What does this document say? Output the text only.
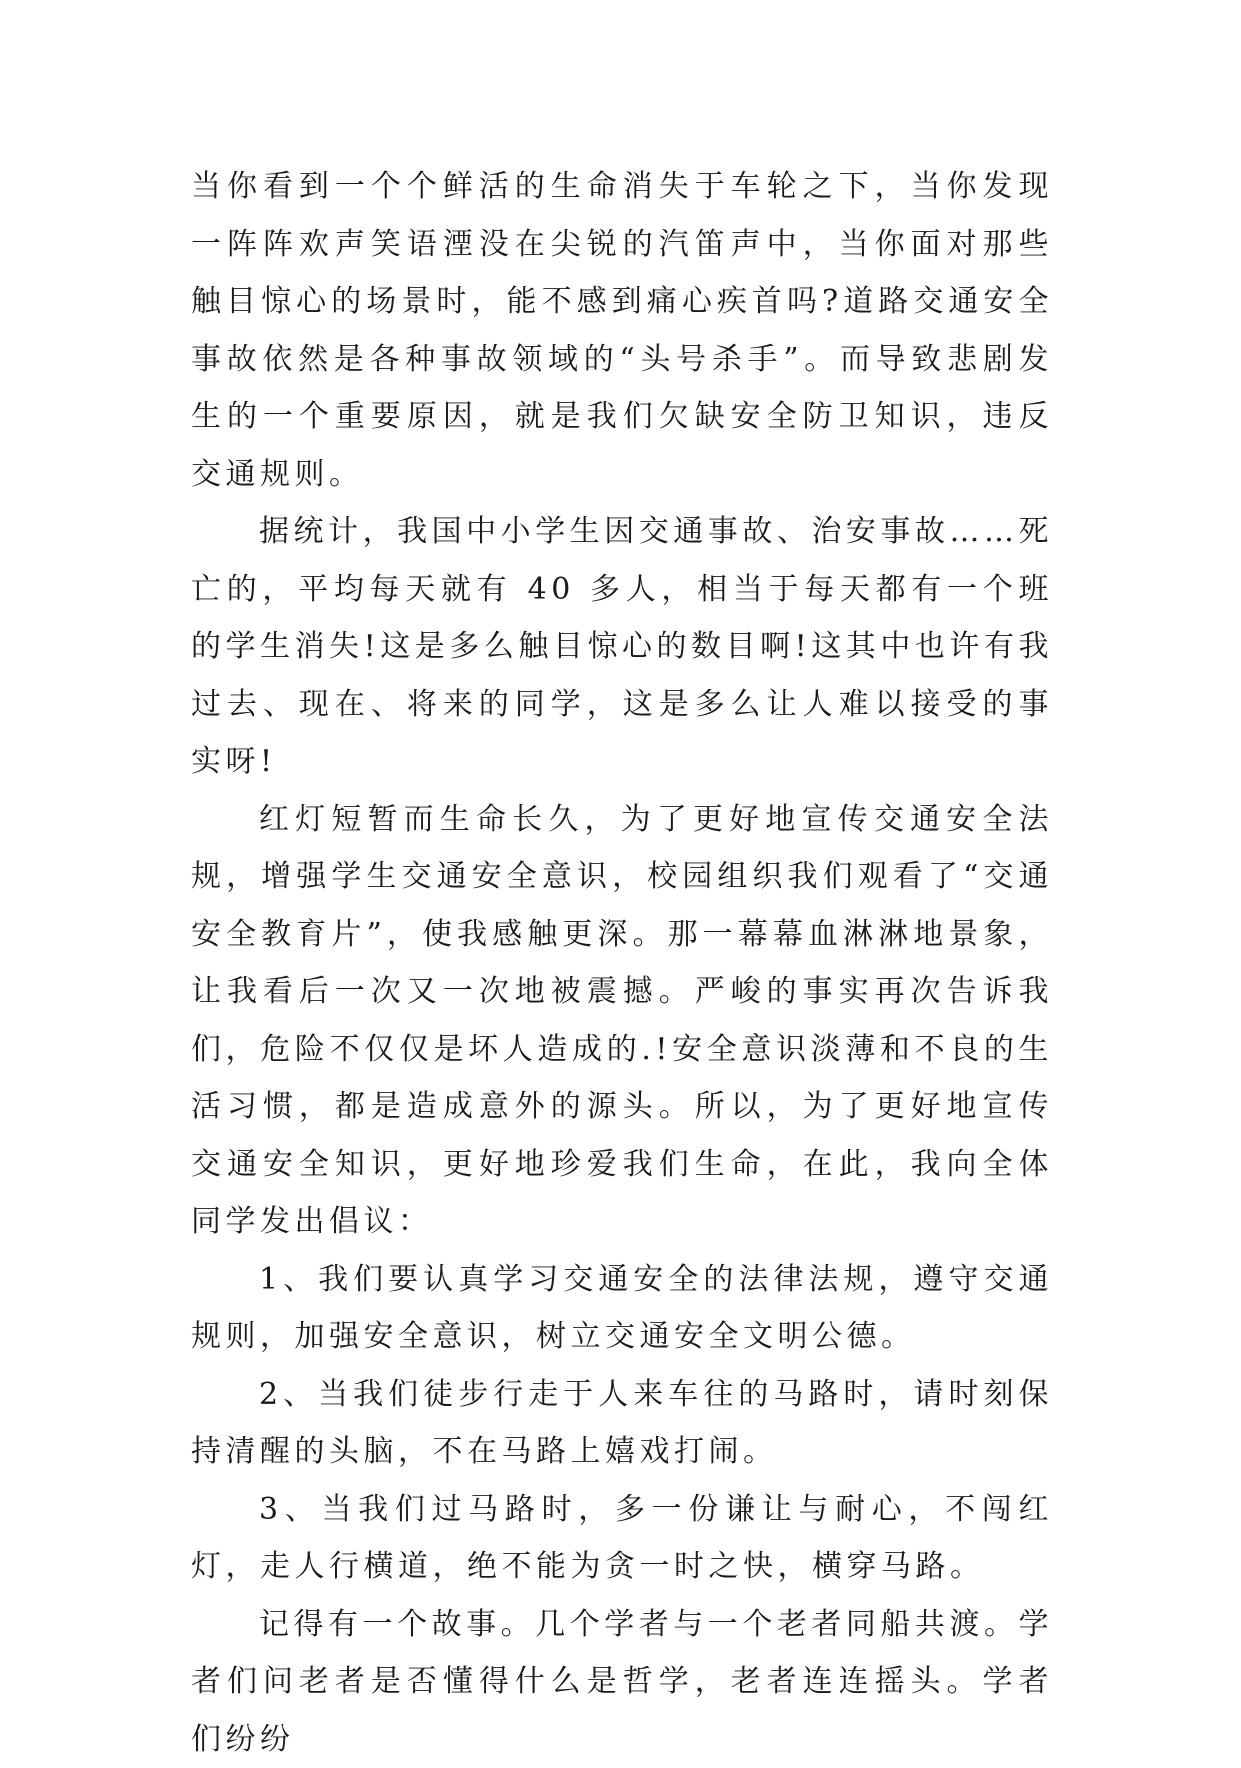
当你看到一个个鲜活的生命消失于车轮之下，当你发现一阵阵欢声笑语湮没在尖锐的汽笛声中，当你面对那些触目惊心的场景时，能不感到痛心疾首吗?道路交通安全事故依然是各种事故领域的“头号杀手”。而导致悲剧发生的一个重要原因，就是我们欠缺安全防卫知识，违反交通规则。

据统计，我国中小学生因交通事故、治安事故……死亡的，平均每天就有 40 多人，相当于每天都有一个班的学生消失!这是多么触目惊心的数目啊!这其中也许有我过去、现在、将来的同学，这是多么让人难以接受的事实呀!

红灯短暂而生命长久，为了更好地宣传交通安全法规，增强学生交通安全意识，校园组织我们观看了“交通安全教育片”，使我感触更深。那一幕幕血淋淋地景象，让我看后一次又一次地被震撼。严峻的事实再次告诉我们，危险不仅仅是坏人造成的.!安全意识淡薄和不良的生活习惯，都是造成意外的源头。所以，为了更好地宣传交通安全知识，更好地珍爱我们生命，在此，我向全体同学发出倡议：

1、我们要认真学习交通安全的法律法规，遵守交通规则，加强安全意识，树立交通安全文明公德。

2、当我们徒步行走于人来车往的马路时，请时刻保持清醒的头脑，不在马路上嬉戏打闹。

3、当我们过马路时，多一份谦让与耐心，不闯红灯，走人行横道，绝不能为贪一时之快，横穿马路。

记得有一个故事。几个学者与一个老者同船共渡。学者们问老者是否懂得什么是哲学，老者连连摇头。学者们纷纷
